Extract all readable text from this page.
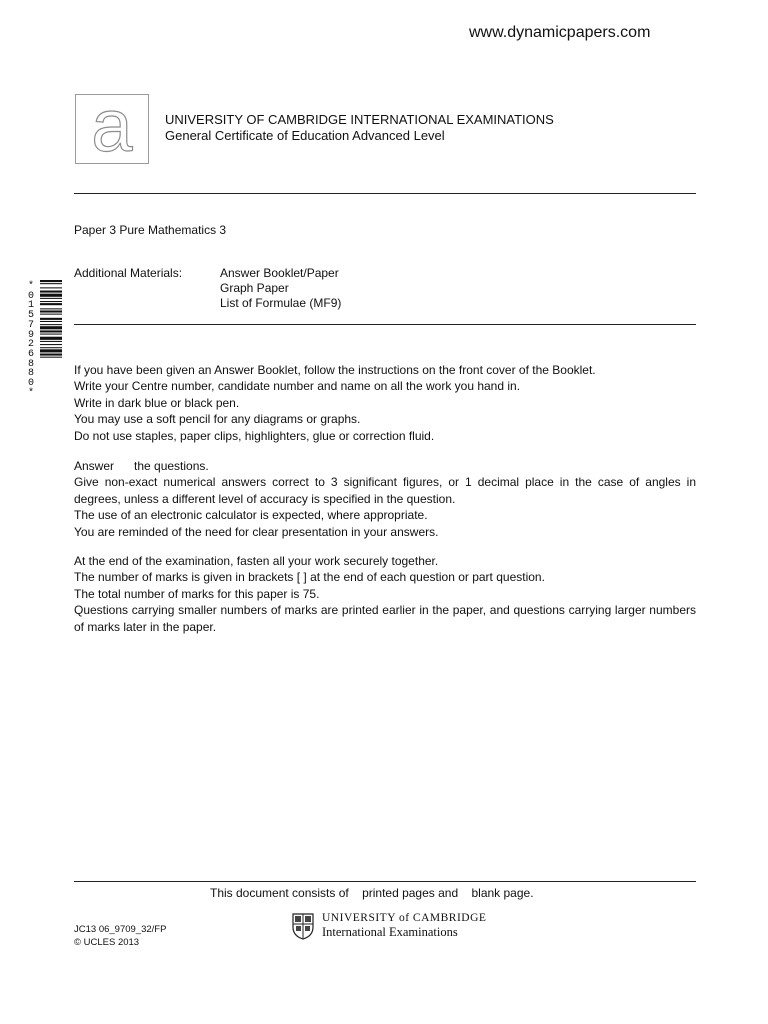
www.dynamicpapers.com
a UNIVERSITY OF CAMBRIDGE INTERNATIONAL EXAMINATIONS
General Certificate of Education Advanced Level
Paper 3 Pure Mathematics 3
Additional Materials:	Answer Booklet/Paper
Graph Paper
List of Formulae (MF9)
*
0
1
5
7
9
2
6
8
8
0
*

If you have been given an Answer Booklet, follow the instructions on the front cover of the Booklet.

Write your Centre number, candidate number and name on all the work you hand in.

Write in dark blue or black pen.

You may use a soft pencil for any diagrams or graphs.

Do not use staples, paper clips, highlighters, glue or correction fluid.

Answer      the questions.

Give non-exact numerical answers correct to 3 significant figures, or 1 decimal place in the case of angles in degrees, unless a different level of accuracy is specified in the question.

The use of an electronic calculator is expected, where appropriate.

You are reminded of the need for clear presentation in your answers.

At the end of the examination, fasten all your work securely together.

The number of marks is given in brackets [ ] at the end of each question or part question.

The total number of marks for this paper is 75.

Questions carrying smaller numbers of marks are printed earlier in the paper, and questions carrying larger numbers of marks later in the paper.

This document consists of    printed pages and    blank page.
JC13 06_9709_32/FP
© UCLES 2013
UNIVERSITY of CAMBRIDGE
International Examinations
